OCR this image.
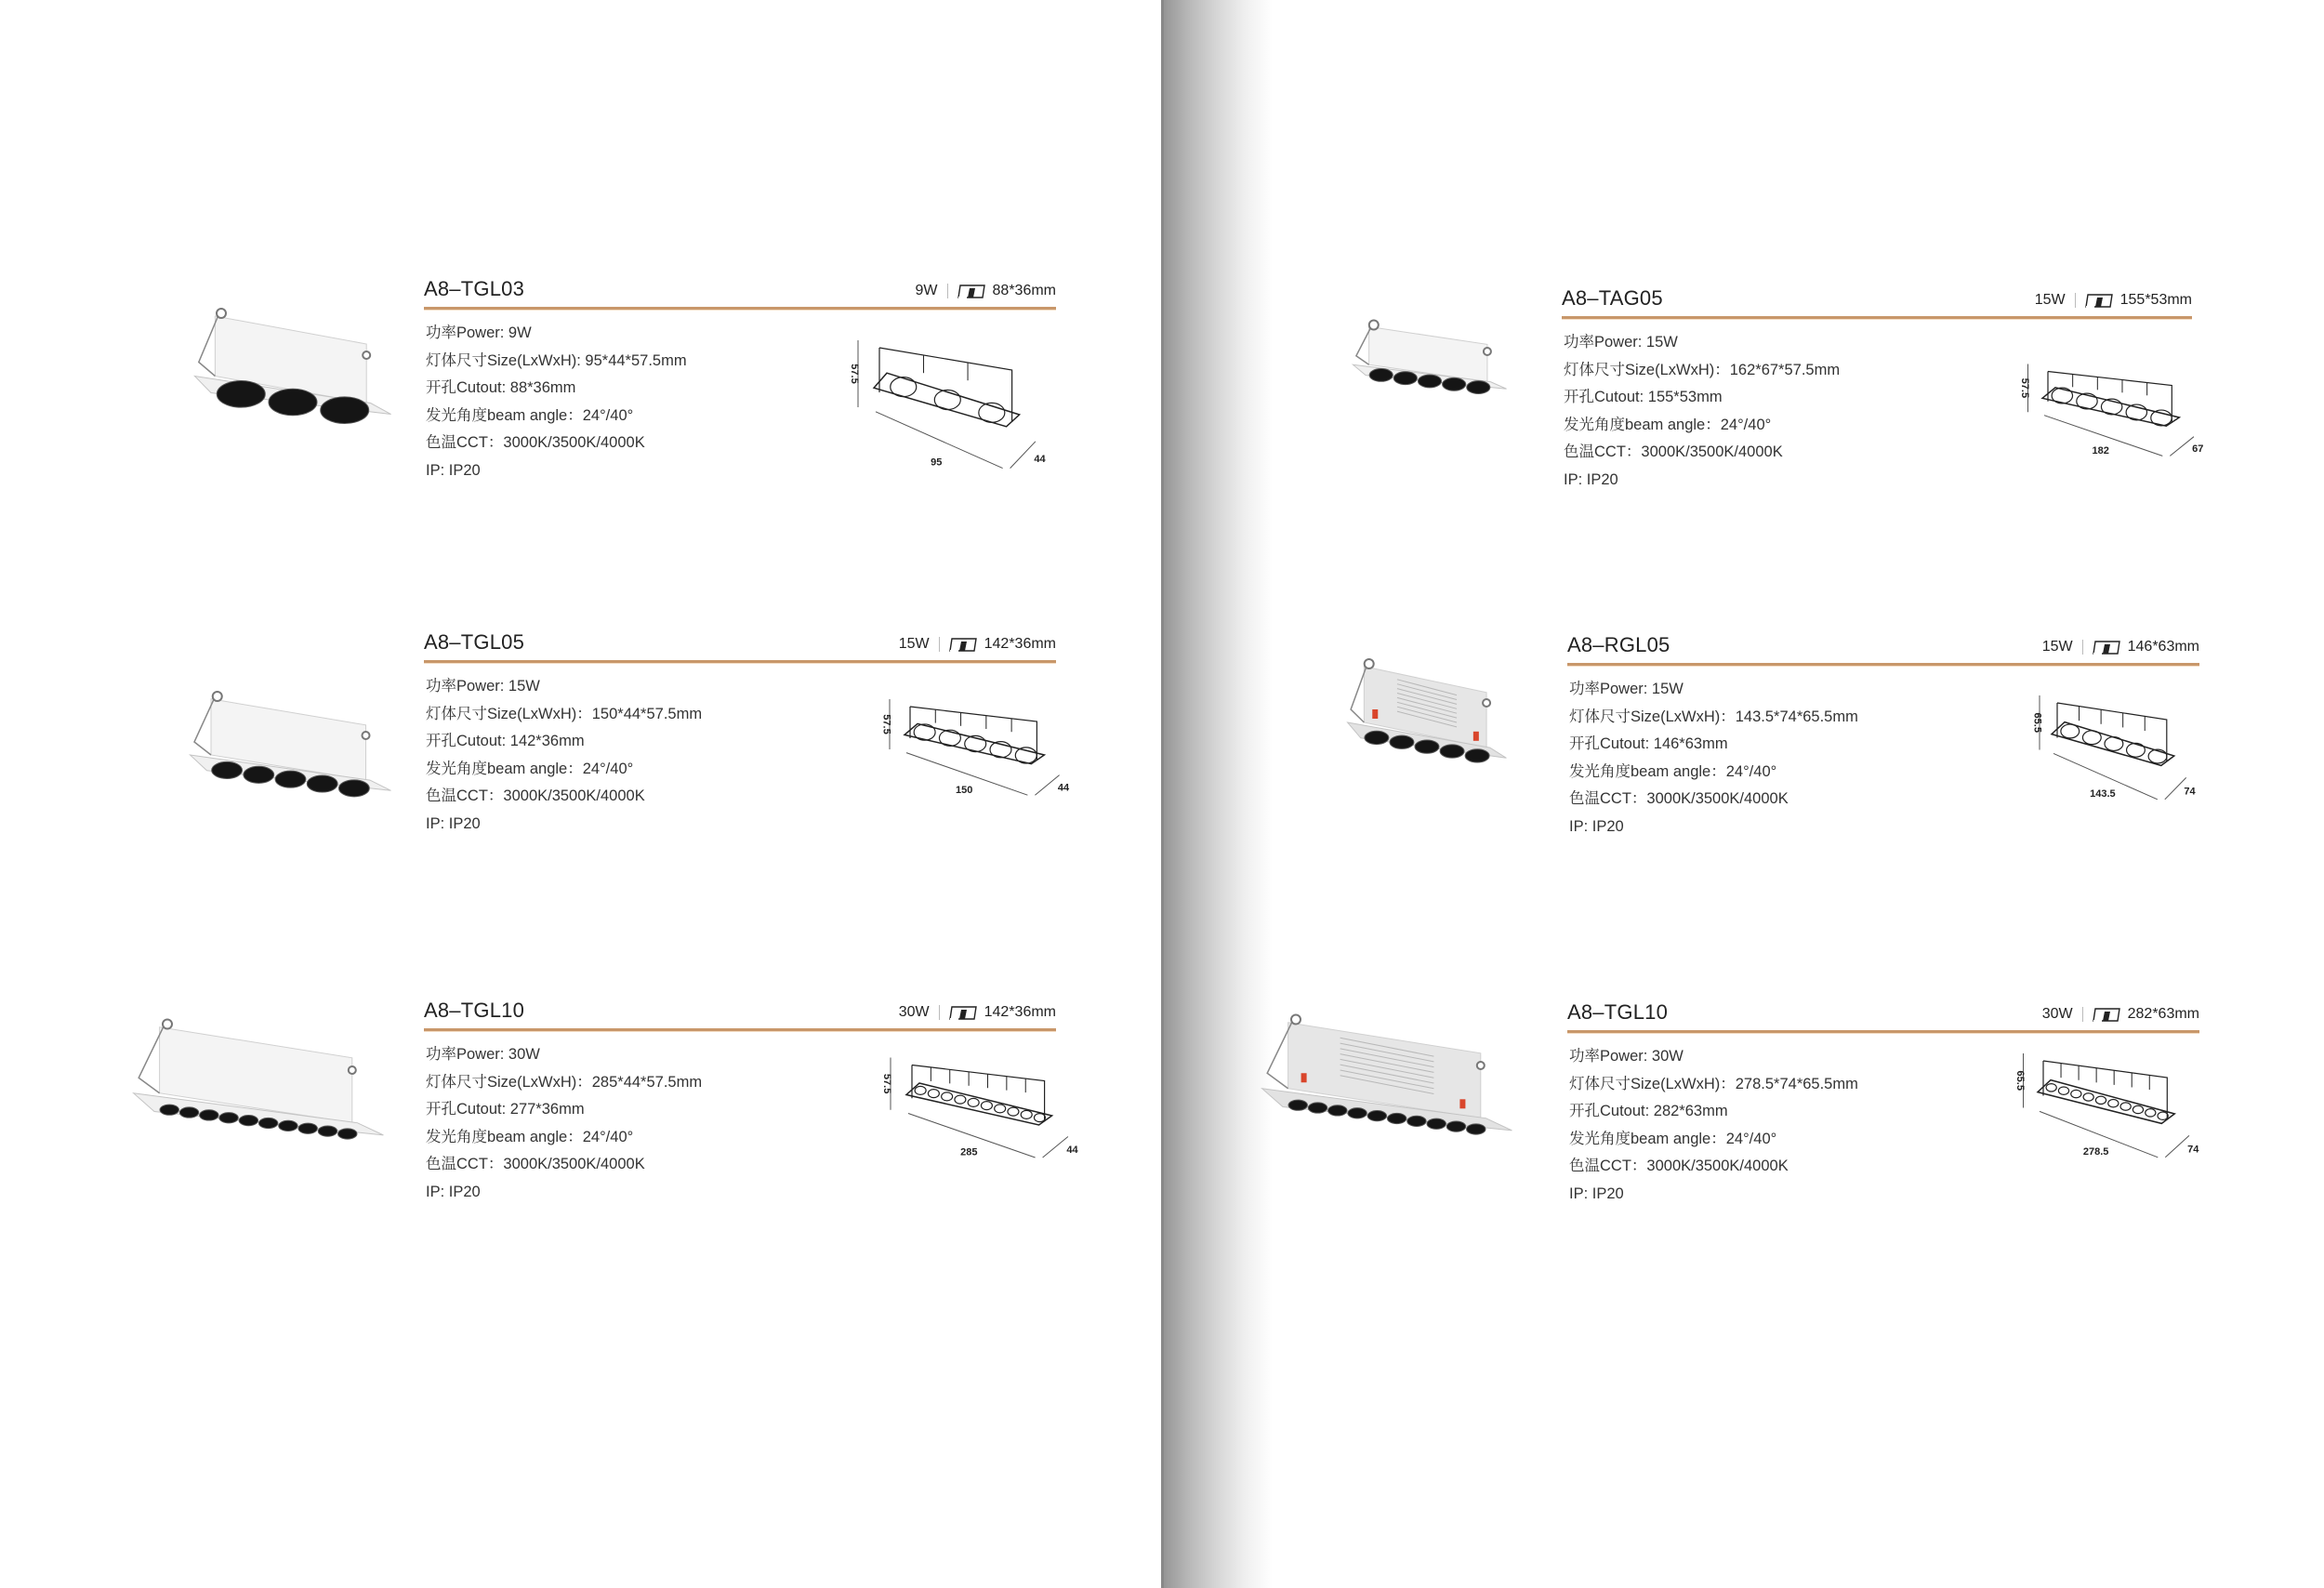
A8–TGL03	9W	88*36mm
功率Power: 9W
灯体尺寸Size(LxWxH): 95*44*57.5mm
开孔Cutout: 88*36mm
发光角度beam angle：24°/40°
色温CCT：3000K/3500K/4000K
IP: IP20
A8–TGL05	15W	142*36mm
功率Power: 15W
灯体尺寸Size(LxWxH)：150*44*57.5mm
开孔Cutout: 142*36mm
发光角度beam angle：24°/40°
色温CCT：3000K/3500K/4000K
IP: IP20
A8–TGL10	30W	142*36mm
功率Power: 30W
灯体尺寸Size(LxWxH)：285*44*57.5mm
开孔Cutout: 277*36mm
发光角度beam angle：24°/40°
色温CCT：3000K/3500K/4000K
IP: IP20
A8–TAG05	15W	155*53mm
功率Power: 15W
灯体尺寸Size(LxWxH)：162*67*57.5mm
开孔Cutout: 155*53mm
发光角度beam angle：24°/40°
色温CCT：3000K/3500K/4000K
IP: IP20
A8–RGL05	15W	146*63mm
功率Power: 15W
灯体尺寸Size(LxWxH)：143.5*74*65.5mm
开孔Cutout: 146*63mm
发光角度beam angle：24°/40°
色温CCT：3000K/3500K/4000K
IP: IP20
A8–TGL10	30W	282*63mm
功率Power: 30W
灯体尺寸Size(LxWxH)：278.5*74*65.5mm
开孔Cutout: 282*63mm
发光角度beam angle：24°/40°
色温CCT：3000K/3500K/4000K
IP: IP20
57.5
95	44
57.5
150	44
57.5
285	44
57.5
182	67
65.5
143.5	74
65.5
278.5	74
